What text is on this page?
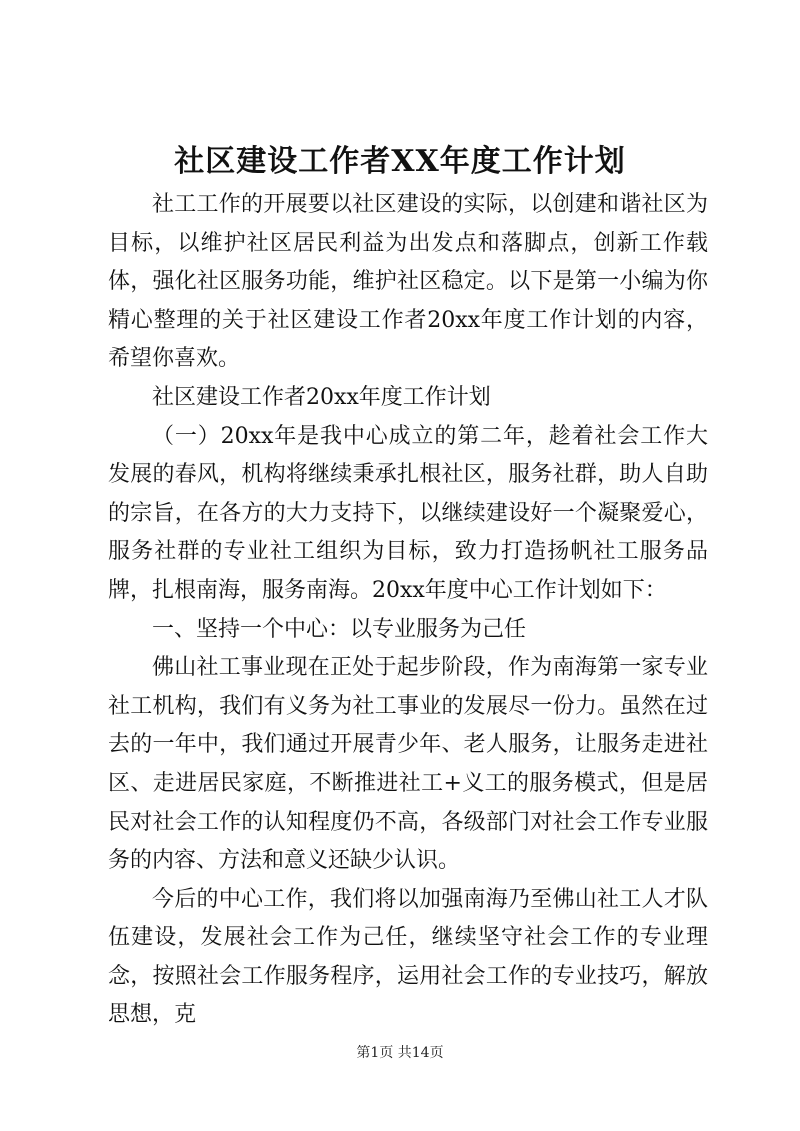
社区建设工作者XX年度工作计划

社工工作的开展要以社区建设的实际，以创建和谐社区为目标，以维护社区居民利益为出发点和落脚点，创新工作载体，强化社区服务功能，维护社区稳定。以下是第一小编为你精心整理的关于社区建设工作者20xx年度工作计划的内容，希望你喜欢。

社区建设工作者20xx年度工作计划

（一）20xx年是我中心成立的第二年，趁着社会工作大发展的春风，机构将继续秉承扎根社区，服务社群，助人自助的宗旨，在各方的大力支持下，以继续建设好一个凝聚爱心，服务社群的专业社工组织为目标，致力打造扬帆社工服务品牌，扎根南海，服务南海。20xx年度中心工作计划如下：

一、坚持一个中心：以专业服务为己任

佛山社工事业现在正处于起步阶段，作为南海第一家专业社工机构，我们有义务为社工事业的发展尽一份力。虽然在过去的一年中，我们通过开展青少年、老人服务，让服务走进社区、走进居民家庭，不断推进社工+义工的服务模式，但是居民对社会工作的认知程度仍不高，各级部门对社会工作专业服务的内容、方法和意义还缺少认识。

今后的中心工作，我们将以加强南海乃至佛山社工人才队伍建设，发展社会工作为己任，继续坚守社会工作的专业理念，按照社会工作服务程序，运用社会工作的专业技巧，解放思想，克

第1页 共14页
